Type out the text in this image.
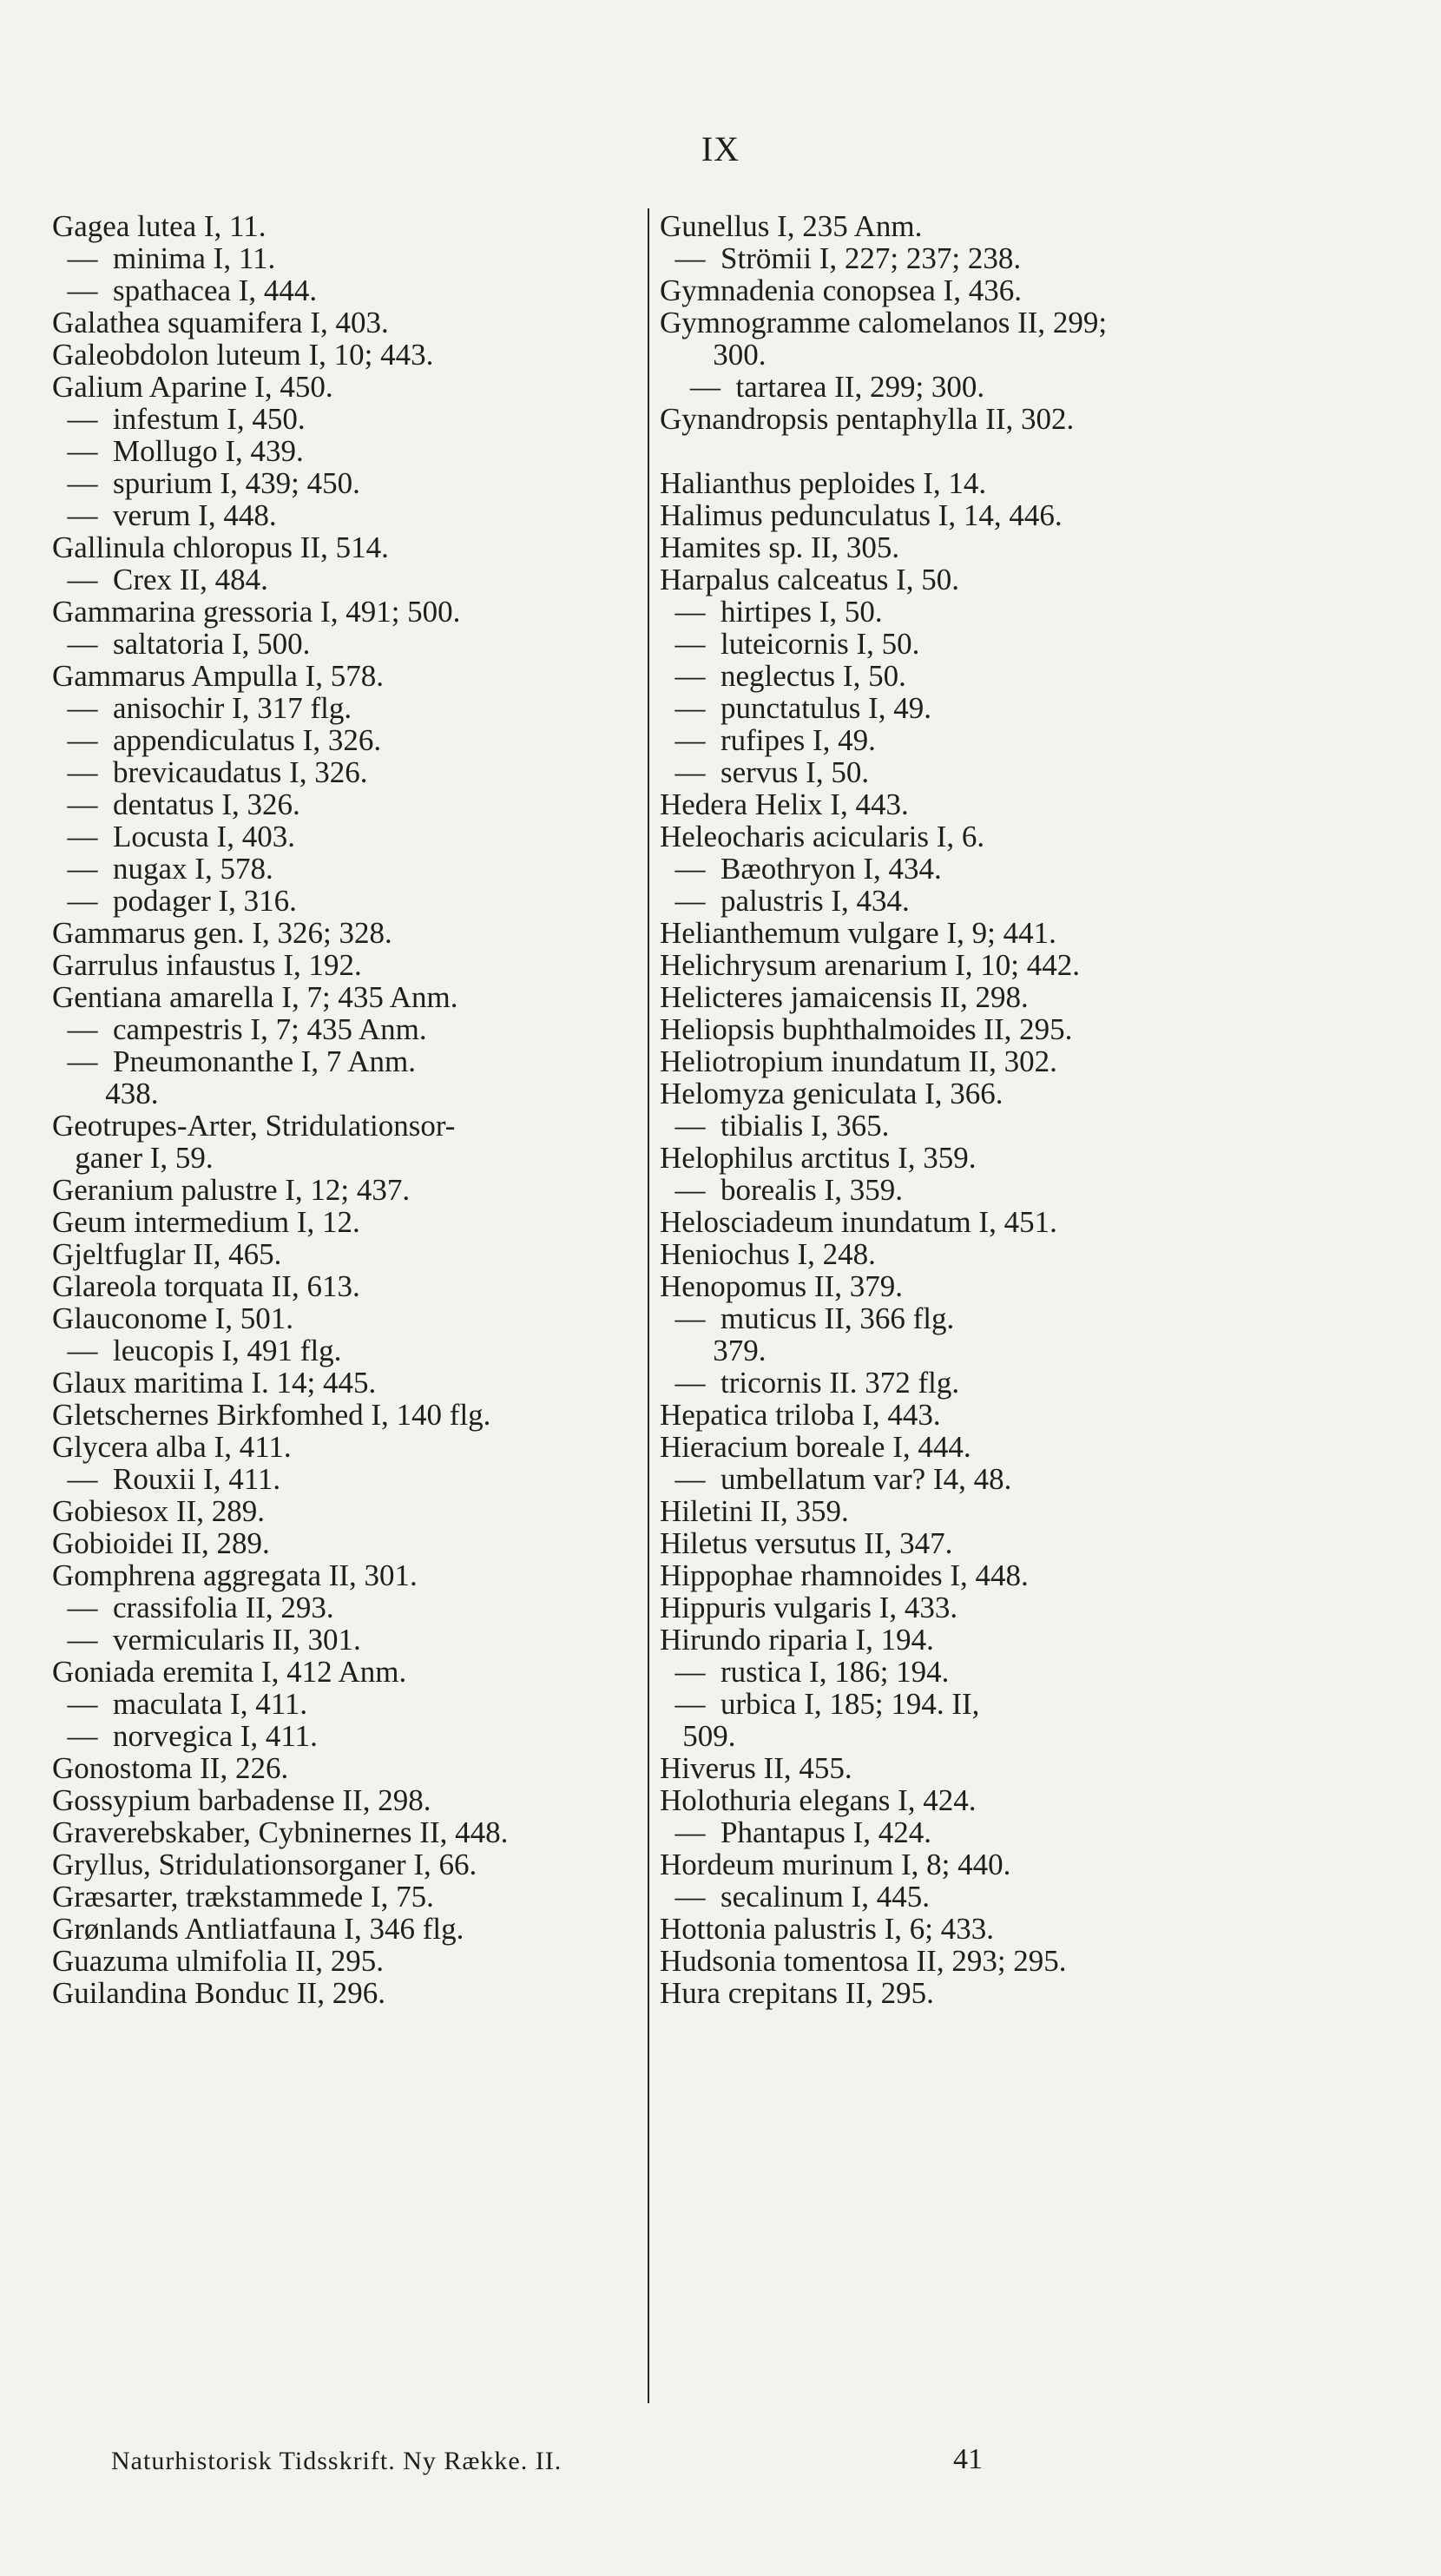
IX

Gagea lutea I, 11.

—  minima I, 11.

—  spathacea I, 444.

Galathea squamifera I, 403.

Galeobdolon luteum I, 10; 443.

Galium Aparine I, 450.

—  infestum I, 450.

—  Mollugo I, 439.

—  spurium I, 439; 450.

—  verum I, 448.

Gallinula chloropus II, 514.

—  Crex II, 484.

Gammarina gressoria I, 491; 500.

—  saltatoria I, 500.

Gammarus Ampulla I, 578.

—  anisochir I, 317 flg.

—  appendiculatus I, 326.

—  brevicaudatus I, 326.

—  dentatus I, 326.

—  Locusta I, 403.

—  nugax I, 578.

—  podager I, 316.

Gammarus gen. I, 326; 328.

Garrulus infaustus I, 192.

Gentiana amarella I, 7; 435 Anm.

—  campestris I, 7; 435 Anm.

—  Pneumonanthe I, 7 Anm.

438.

Geotrupes-Arter, Stridulationsor-

ganer I, 59.

Geranium palustre I, 12; 437.

Geum intermedium I, 12.

Gjeltfuglar II, 465.

Glareola torquata II, 613.

Glauconome I, 501.

—  leucopis I, 491 flg.

Glaux maritima I. 14; 445.

Gletschernes Birkfomhed I, 140 flg.

Glycera alba I, 411.

—  Rouxii I, 411.

Gobiesox II, 289.

Gobioidei II, 289.

Gomphrena aggregata II, 301.

—  crassifolia II, 293.

—  vermicularis II, 301.

Goniada eremita I, 412 Anm.

—  maculata I, 411.

—  norvegica I, 411.

Gonostoma II, 226.

Gossypium barbadense II, 298.

Graverebskaber, Cybninernes II, 448.

Gryllus, Stridulationsorganer I, 66.

Græsarter, trækstammede I, 75.

Grønlands Antliatfauna I, 346 flg.

Guazuma ulmifolia II, 295.

Guilandina Bonduc II, 296.

Gunellus I, 235 Anm.

—  Strömii I, 227; 237; 238.

Gymnadenia conopsea I, 436.

Gymnogramme calomelanos II, 299;

300.

—  tartarea II, 299; 300.

Gynandropsis pentaphylla II, 302.

Halianthus peploides I, 14.

Halimus pedunculatus I, 14, 446.

Hamites sp. II, 305.

Harpalus calceatus I, 50.

—  hirtipes I, 50.

—  luteicornis I, 50.

—  neglectus I, 50.

—  punctatulus I, 49.

—  rufipes I, 49.

—  servus I, 50.

Hedera Helix I, 443.

Heleocharis acicularis I, 6.

—  Bæothryon I, 434.

—  palustris I, 434.

Helianthemum vulgare I, 9; 441.

Helichrysum arenarium I, 10; 442.

Helicteres jamaicensis II, 298.

Heliopsis buphthalmoides II, 295.

Heliotropium inundatum II, 302.

Helomyza geniculata I, 366.

—  tibialis I, 365.

Helophilus arctitus I, 359.

—  borealis I, 359.

Helosciadeum inundatum I, 451.

Heniochus I, 248.

Henopomus II, 379.

—  muticus II, 366 flg.

379.

—  tricornis II. 372 flg.

Hepatica triloba I, 443.

Hieracium boreale I, 444.

—  umbellatum var? I4, 48.

Hiletini II, 359.

Hiletus versutus II, 347.

Hippophae rhamnoides I, 448.

Hippuris vulgaris I, 433.

Hirundo riparia I, 194.

—  rustica I, 186; 194.

—  urbica I, 185; 194. II,

509.

Hiverus II, 455.

Holothuria elegans I, 424.

—  Phantapus I, 424.

Hordeum murinum I, 8; 440.

—  secalinum I, 445.

Hottonia palustris I, 6; 433.

Hudsonia tomentosa II, 293; 295.

Hura crepitans II, 295.

Naturhistorisk Tidsskrift. Ny Række. II.	41
